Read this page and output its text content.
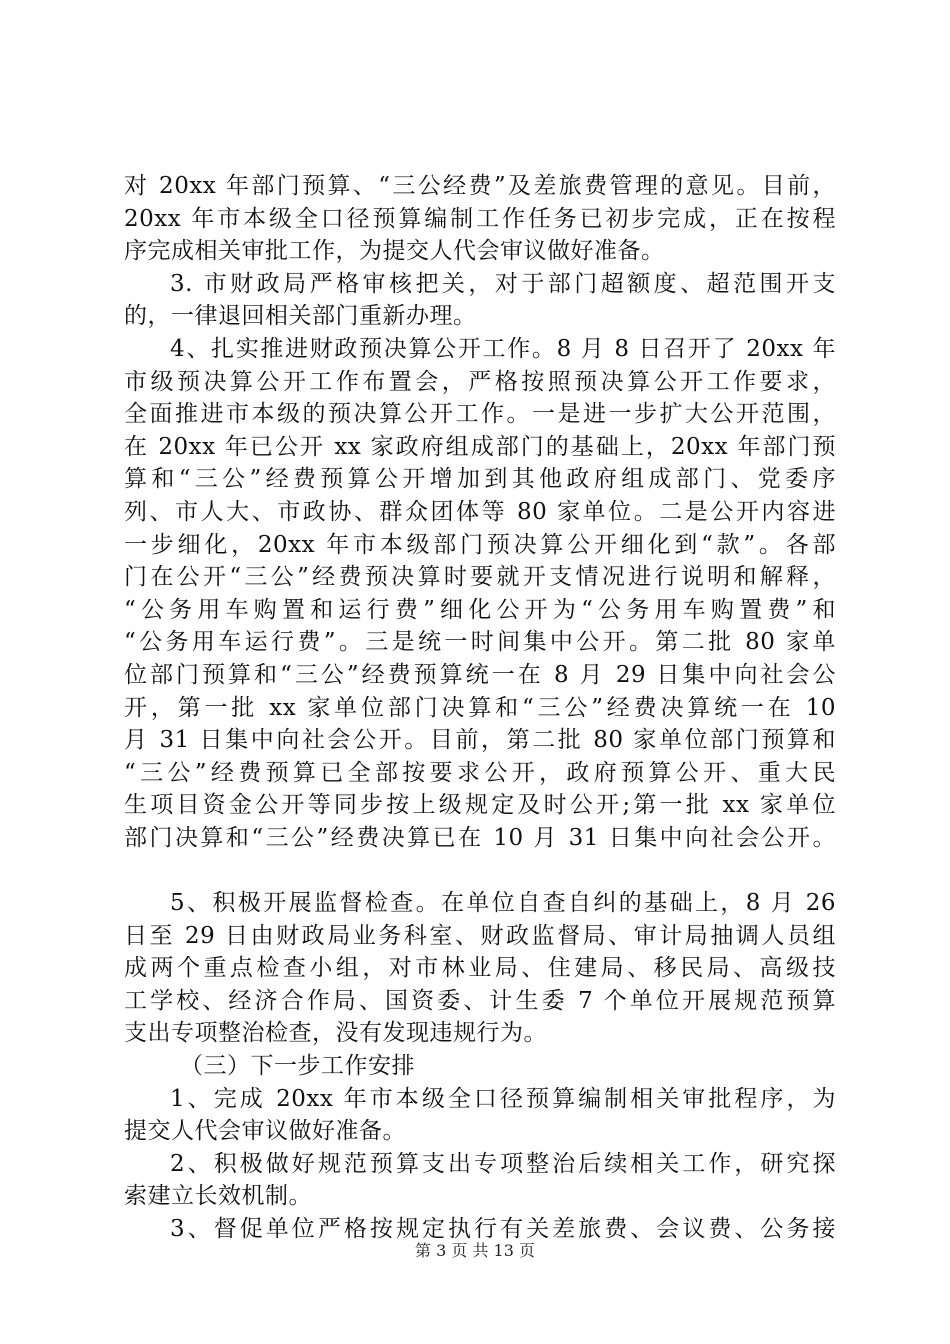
对 20xx 年部门预算、“三公经费”及差旅费管理的意见。目前，
20xx 年市本级全口径预算编制工作任务已初步完成，正在按程
序完成相关审批工作，为提交人代会审议做好准备。
3. 市财政局严格审核把关，对于部门超额度、超范围开支
的，一律退回相关部门重新办理。
4、扎实推进财政预决算公开工作。8 月 8 日召开了 20xx 年
市级预决算公开工作布置会，严格按照预决算公开工作要求，
全面推进市本级的预决算公开工作。一是进一步扩大公开范围，
在 20xx 年已公开 xx 家政府组成部门的基础上，20xx 年部门预
算和“三公”经费预算公开增加到其他政府组成部门、党委序
列、市人大、市政协、群众团体等 80 家单位。二是公开内容进
一步细化，20xx 年市本级部门预决算公开细化到“款”。各部
门在公开“三公”经费预决算时要就开支情况进行说明和解释，
“公务用车购置和运行费”细化公开为“公务用车购置费”和
“公务用车运行费”。三是统一时间集中公开。第二批 80 家单
位部门预算和“三公”经费预算统一在 8 月 29 日集中向社会公
开，第一批 xx 家单位部门决算和“三公”经费决算统一在 10
月 31 日集中向社会公开。目前，第二批 80 家单位部门预算和
“三公”经费预算已全部按要求公开，政府预算公开、重大民
生项目资金公开等同步按上级规定及时公开;第一批 xx 家单位
部门决算和“三公”经费决算已在 10 月 31 日集中向社会公开。
5、积极开展监督检查。在单位自查自纠的基础上，8 月 26
日至 29 日由财政局业务科室、财政监督局、审计局抽调人员组
成两个重点检查小组，对市林业局、住建局、移民局、高级技
工学校、经济合作局、国资委、计生委 7 个单位开展规范预算
支出专项整治检查，没有发现违规行为。
（三）下一步工作安排
1、完成 20xx 年市本级全口径预算编制相关审批程序，为
提交人代会审议做好准备。
2、积极做好规范预算支出专项整治后续相关工作，研究探
索建立长效机制。
3、督促单位严格按规定执行有关差旅费、会议费、公务接
第 3 页 共 13 页
